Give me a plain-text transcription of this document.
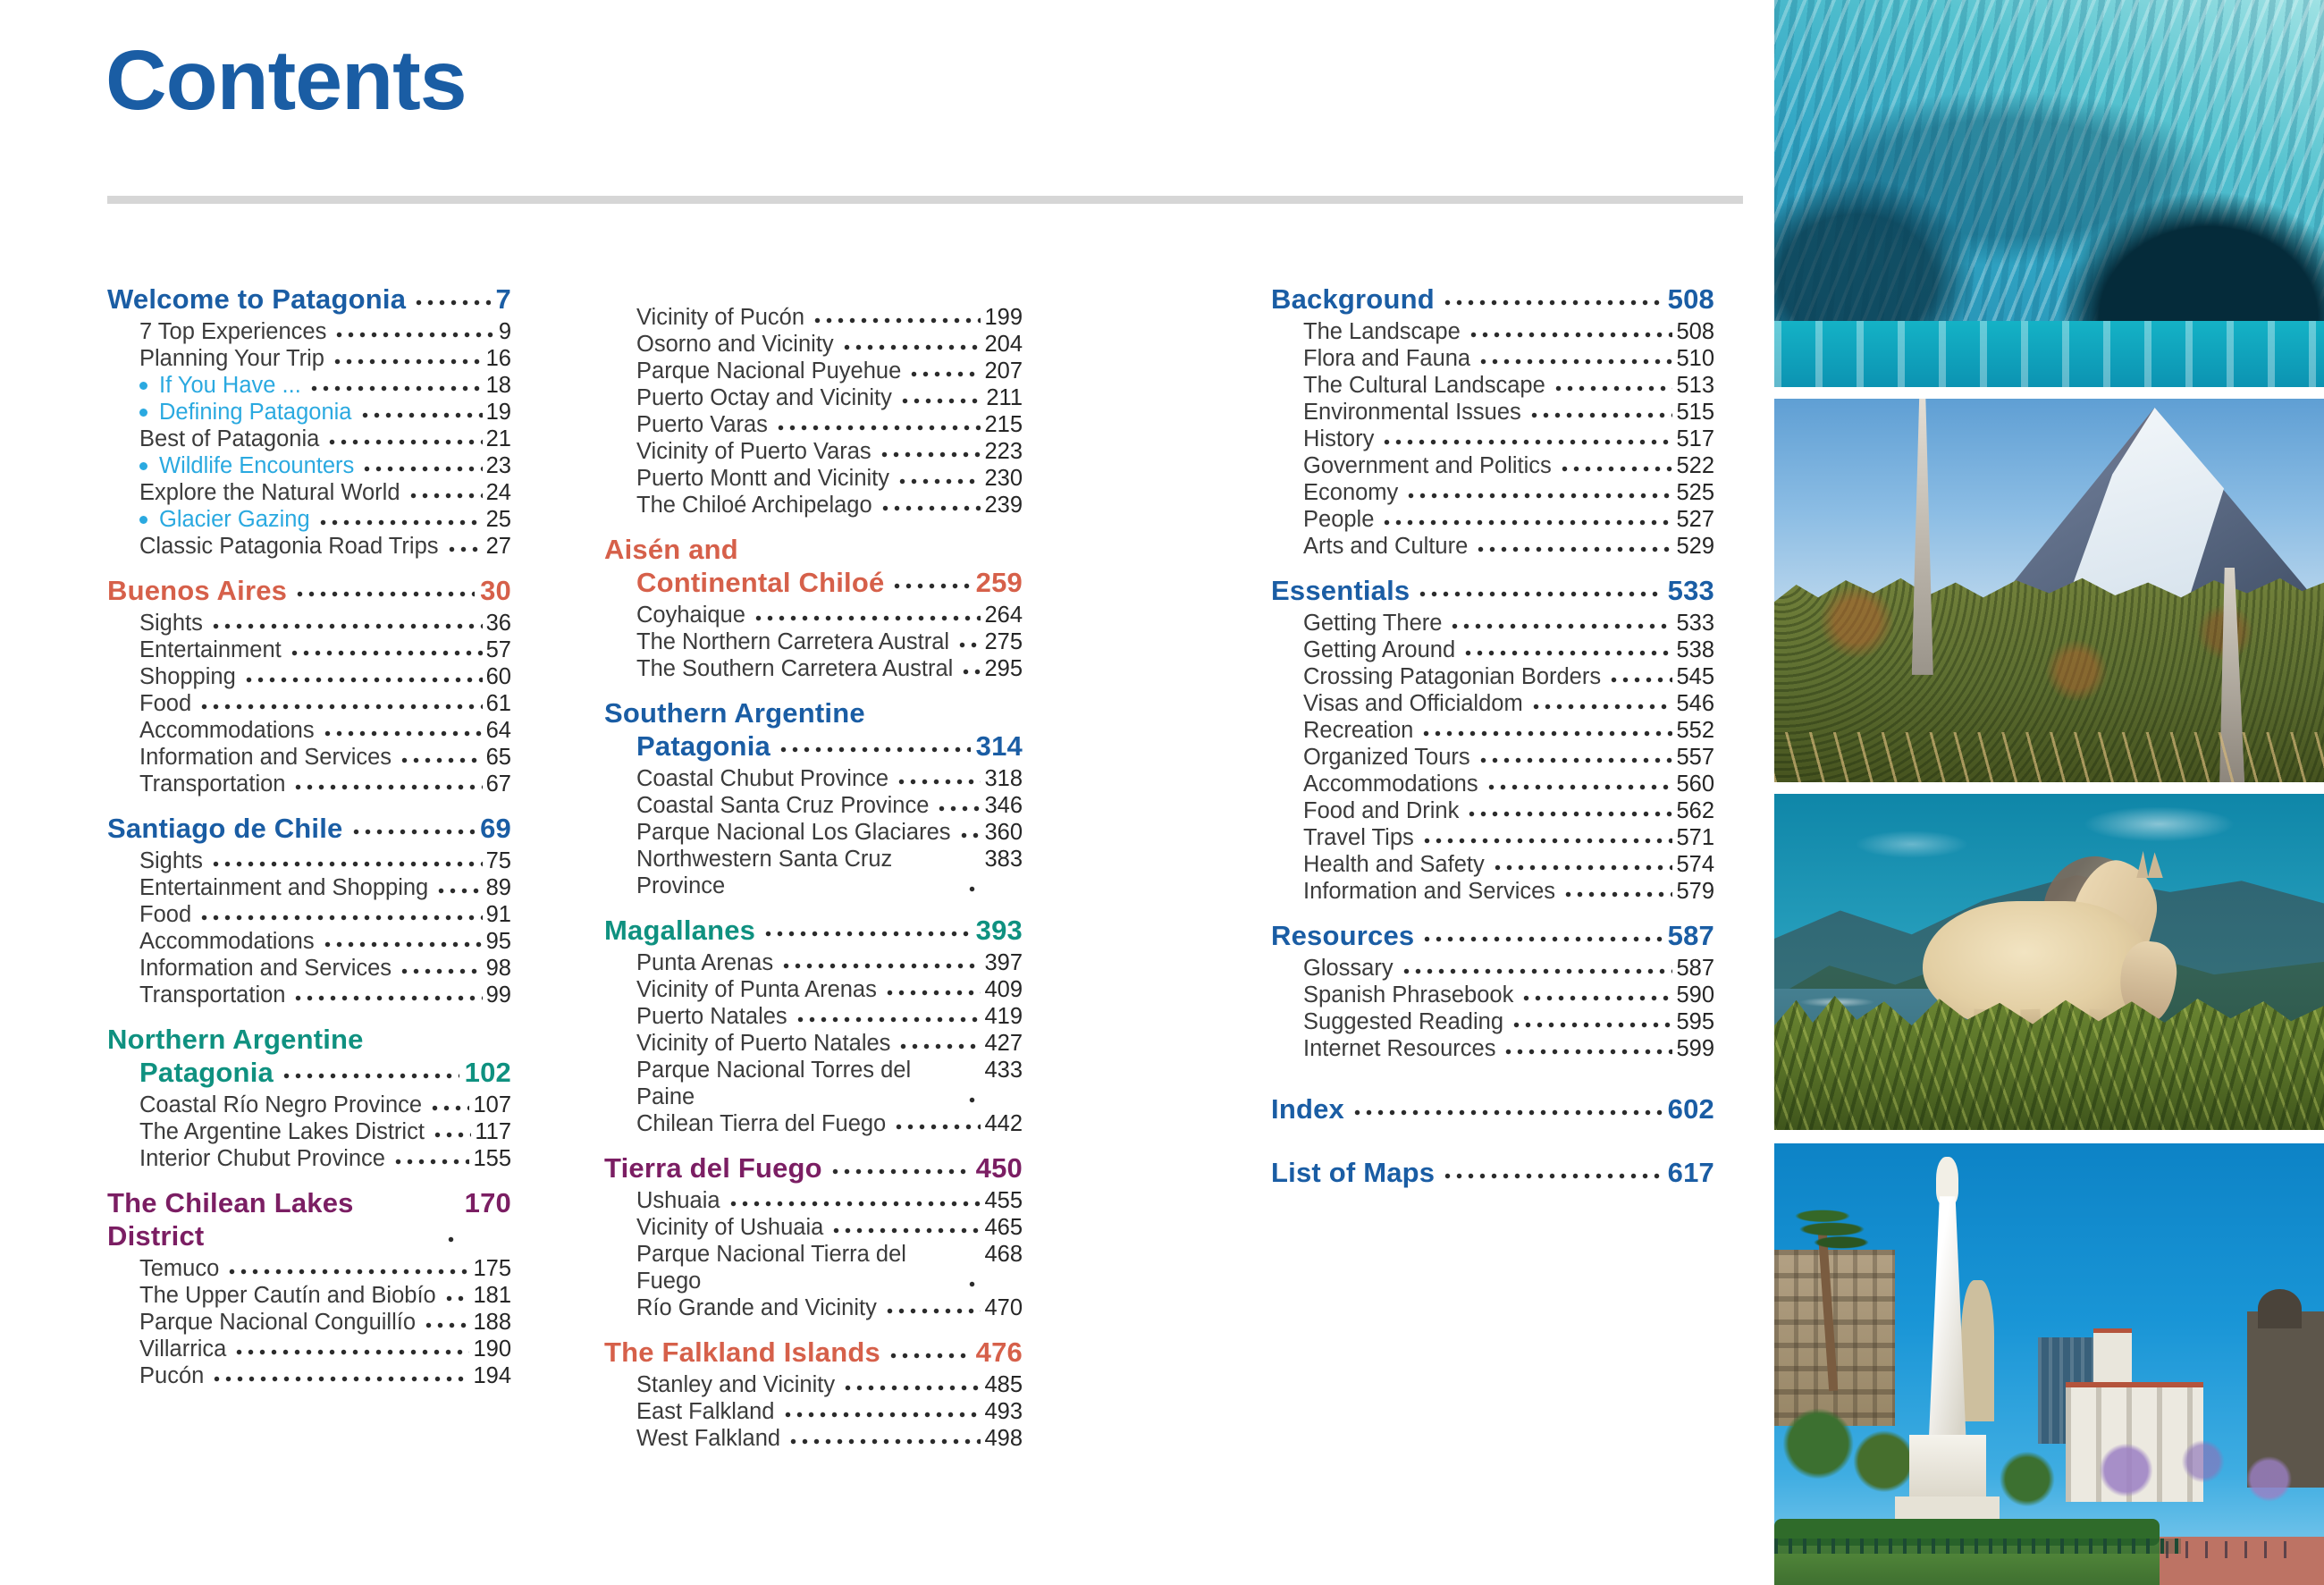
Contents
Welcome to Patagonia	7
7 Top Experiences	9
Planning Your Trip	16
If You Have ...	18
Defining Patagonia	19
Best of Patagonia	21
Wildlife Encounters	23
Explore the Natural World	24
Glacier Gazing	25
Classic Patagonia Road Trips 27
Buenos Aires	30
Sights	36
Entertainment	57
Shopping	60
Food	61
Accommodations	64
Information and Services	65
Transportation	67
Santiago de Chile	69
Sights	75
Entertainment and Shopping	89
Food	91
Accommodations	95
Information and Services	98
Transportation	99
Northern Argentine
Patagonia	102
Coastal Río Negro Province 107
The Argentine Lakes District 117
Interior Chubut Province	155
The Chilean Lakes District
170
Temuco	175
The Upper Cautín and Biobío 181
Parque Nacional Conguillío	188
Villarrica	190
Pucón	194
Vicinity of Pucón	199
Osorno and Vicinity	204
Parque Nacional Puyehue	207
Puerto Octay and Vicinity	211
Puerto Varas	215
Vicinity of Puerto Varas	223
Puerto Montt and Vicinity	230
The Chiloé Archipelago	239
Aisén and
Continental Chiloé	259
Coyhaique	264
The Northern Carretera Austral 275
The Southern Carretera Austral 295
Southern Argentine
Patagonia	314
Coastal Chubut Province	318
Coastal Santa Cruz Province 346
Parque Nacional Los Glaciares 360
Northwestern Santa Cruz Province
383
Magallanes	393
Punta Arenas	397
Vicinity of Punta Arenas	409
Puerto Natales	419
Vicinity of Puerto Natales	427
Parque Nacional Torres del Paine
433
Chilean Tierra del Fuego	442
Tierra del Fuego	450
Ushuaia	455
Vicinity of Ushuaia	465
Parque Nacional Tierra del Fuego
468
Río Grande and Vicinity	470
The Falkland Islands	476
Stanley and Vicinity	485
East Falkland	493
West Falkland	498
Background	508
The Landscape	508
Flora and Fauna	510
The Cultural Landscape	513
Environmental Issues	515
History	517
Government and Politics	522
Economy	525
People	527
Arts and Culture	529
Essentials	533
Getting There	533
Getting Around	538
Crossing Patagonian Borders	545
Visas and Officialdom	546
Recreation	552
Organized Tours	557
Accommodations	560
Food and Drink	562
Travel Tips	571
Health and Safety	574
Information and Services	579
Resources	587
Glossary	587
Spanish Phrasebook	590
Suggested Reading	595
Internet Resources	599
Index	602
List of Maps	617
